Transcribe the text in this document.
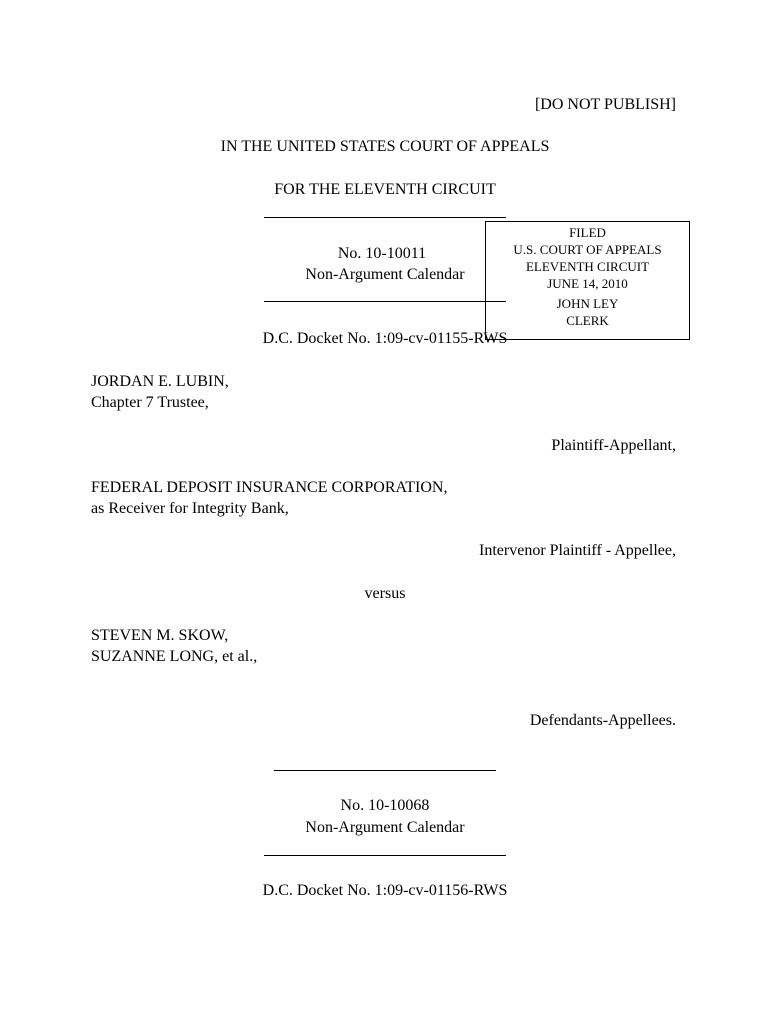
[DO NOT PUBLISH]
IN THE UNITED STATES COURT OF APPEALS
FOR THE ELEVENTH CIRCUIT
No. 10-10011
Non-Argument Calendar
FILED
U.S. COURT OF APPEALS
ELEVENTH CIRCUIT
JUNE 14, 2010
JOHN LEY
CLERK
D.C. Docket No. 1:09-cv-01155-RWS
JORDAN E. LUBIN,
Chapter 7 Trustee,
Plaintiff-Appellant,
FEDERAL DEPOSIT INSURANCE CORPORATION,
as Receiver for Integrity Bank,
Intervenor Plaintiff - Appellee,
versus
STEVEN M. SKOW,
SUZANNE LONG, et al.,
Defendants-Appellees.
No. 10-10068
Non-Argument Calendar
D.C. Docket No. 1:09-cv-01156-RWS
